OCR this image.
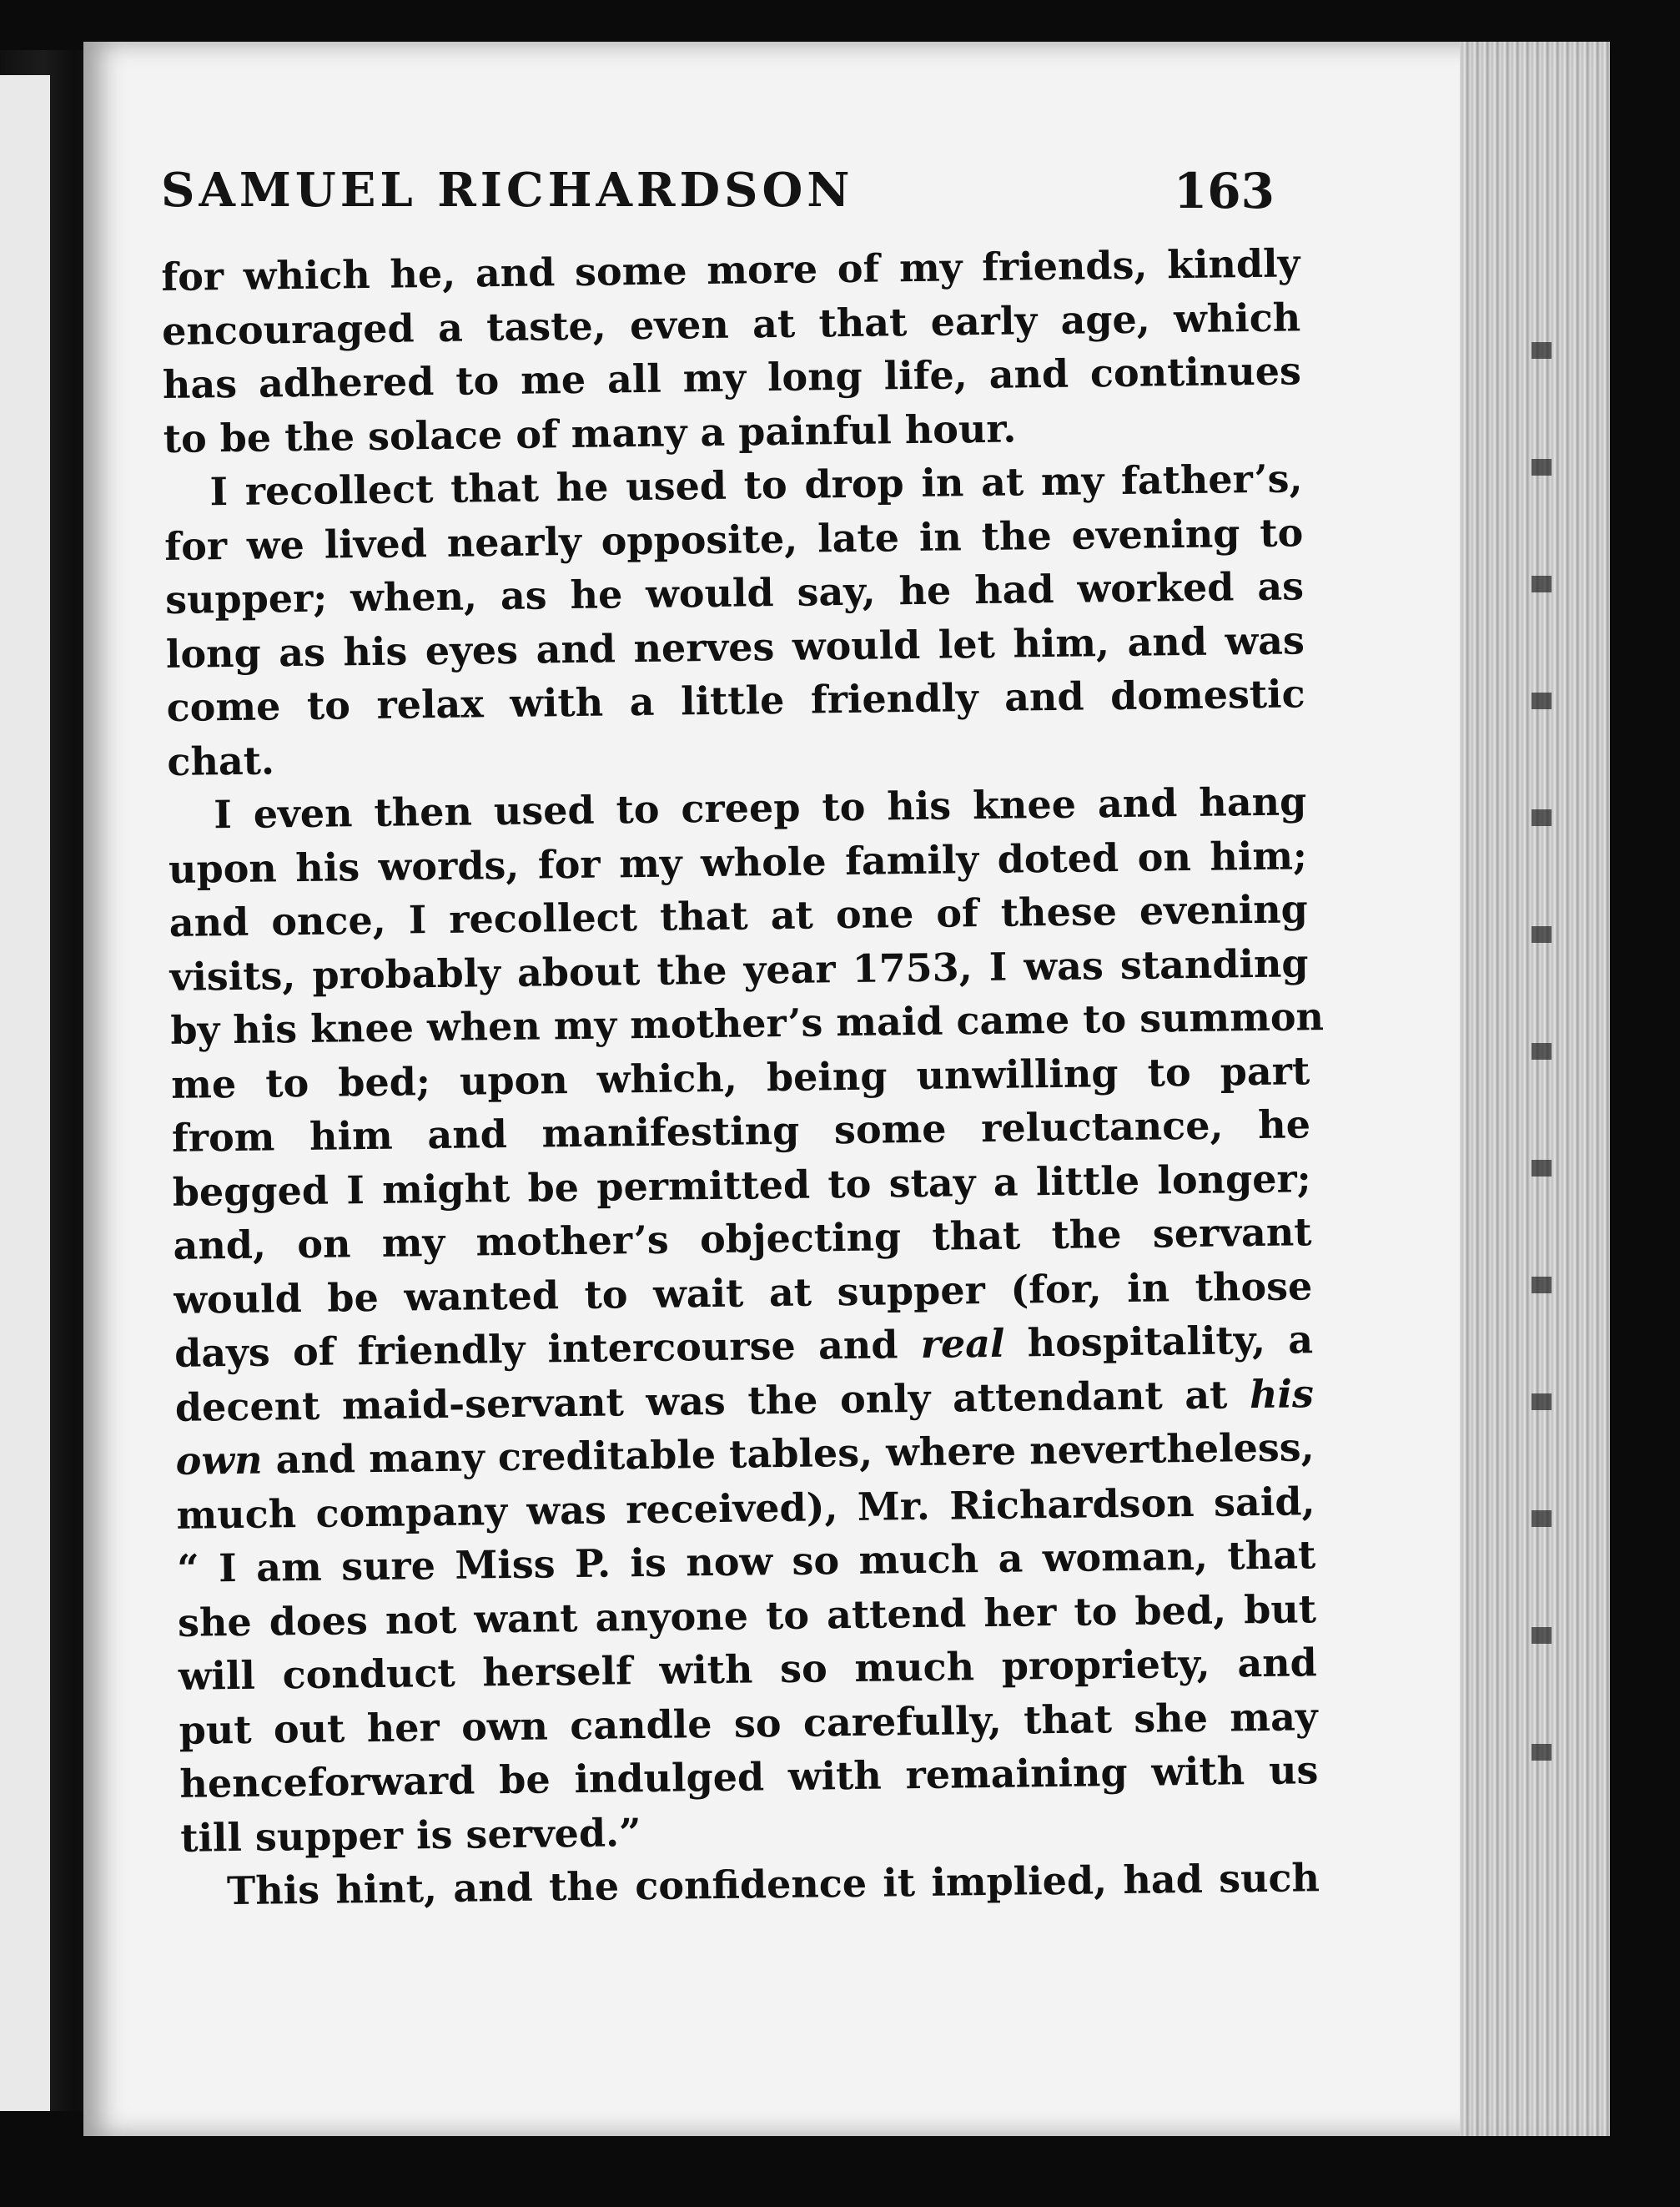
SAMUEL RICHARDSON	163

for which he, and some more of my friends, kindly

encouraged a taste, even at that early age, which

has adhered to me all my long life, and continues

to be the solace of many a painful hour.

I recollect that he used to drop in at my father’s,

for we lived nearly opposite, late in the evening to

supper; when, as he would say, he had worked as

long as his eyes and nerves would let him, and was

come to relax with a little friendly and domestic

chat.

I even then used to creep to his knee and hang

upon his words, for my whole family doted on him;

and once, I recollect that at one of these evening

visits, probably about the year 1753, I was standing

by his knee when my mother’s maid came to summon

me to bed; upon which, being unwilling to part

from him and manifesting some reluctance, he

begged I might be permitted to stay a little longer;

and, on my mother’s objecting that the servant

would be wanted to wait at supper (for, in those

days of friendly intercourse and real hospitality, a

decent maid-servant was the only attendant at his

own and many creditable tables, where nevertheless,

much company was received), Mr. Richardson said,

“ I am sure Miss P. is now so much a woman, that

she does not want anyone to attend her to bed, but

will conduct herself with so much propriety, and

put out her own candle so carefully, that she may

henceforward be indulged with remaining with us

till supper is served.”

This hint, and the confidence it implied, had such
